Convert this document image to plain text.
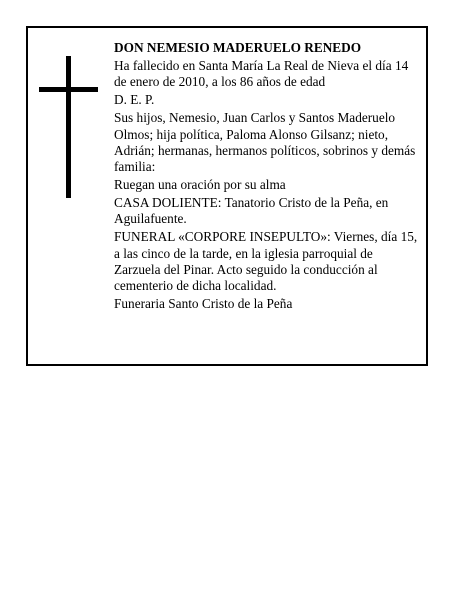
DON NEMESIO MADERUELO RENEDO

Ha fallecido en Santa María La Real de Nieva el día 14 de enero de 2010, a los 86 años de edad

D. E. P.

Sus hijos, Nemesio, Juan Carlos y Santos Maderuelo Olmos; hija política, Paloma Alonso Gilsanz; nieto, Adrián; hermanas, hermanos políticos, sobrinos y demás familia:

Ruegan una oración por su alma

CASA DOLIENTE: Tanatorio Cristo de la Peña, en Aguilafuente.

FUNERAL «CORPORE INSEPULTO»: Viernes, día 15, a las cinco de la tarde, en la iglesia parroquial de Zarzuela del Pinar. Acto seguido la conducción al cementerio de dicha localidad.

Funeraria Santo Cristo de la Peña
